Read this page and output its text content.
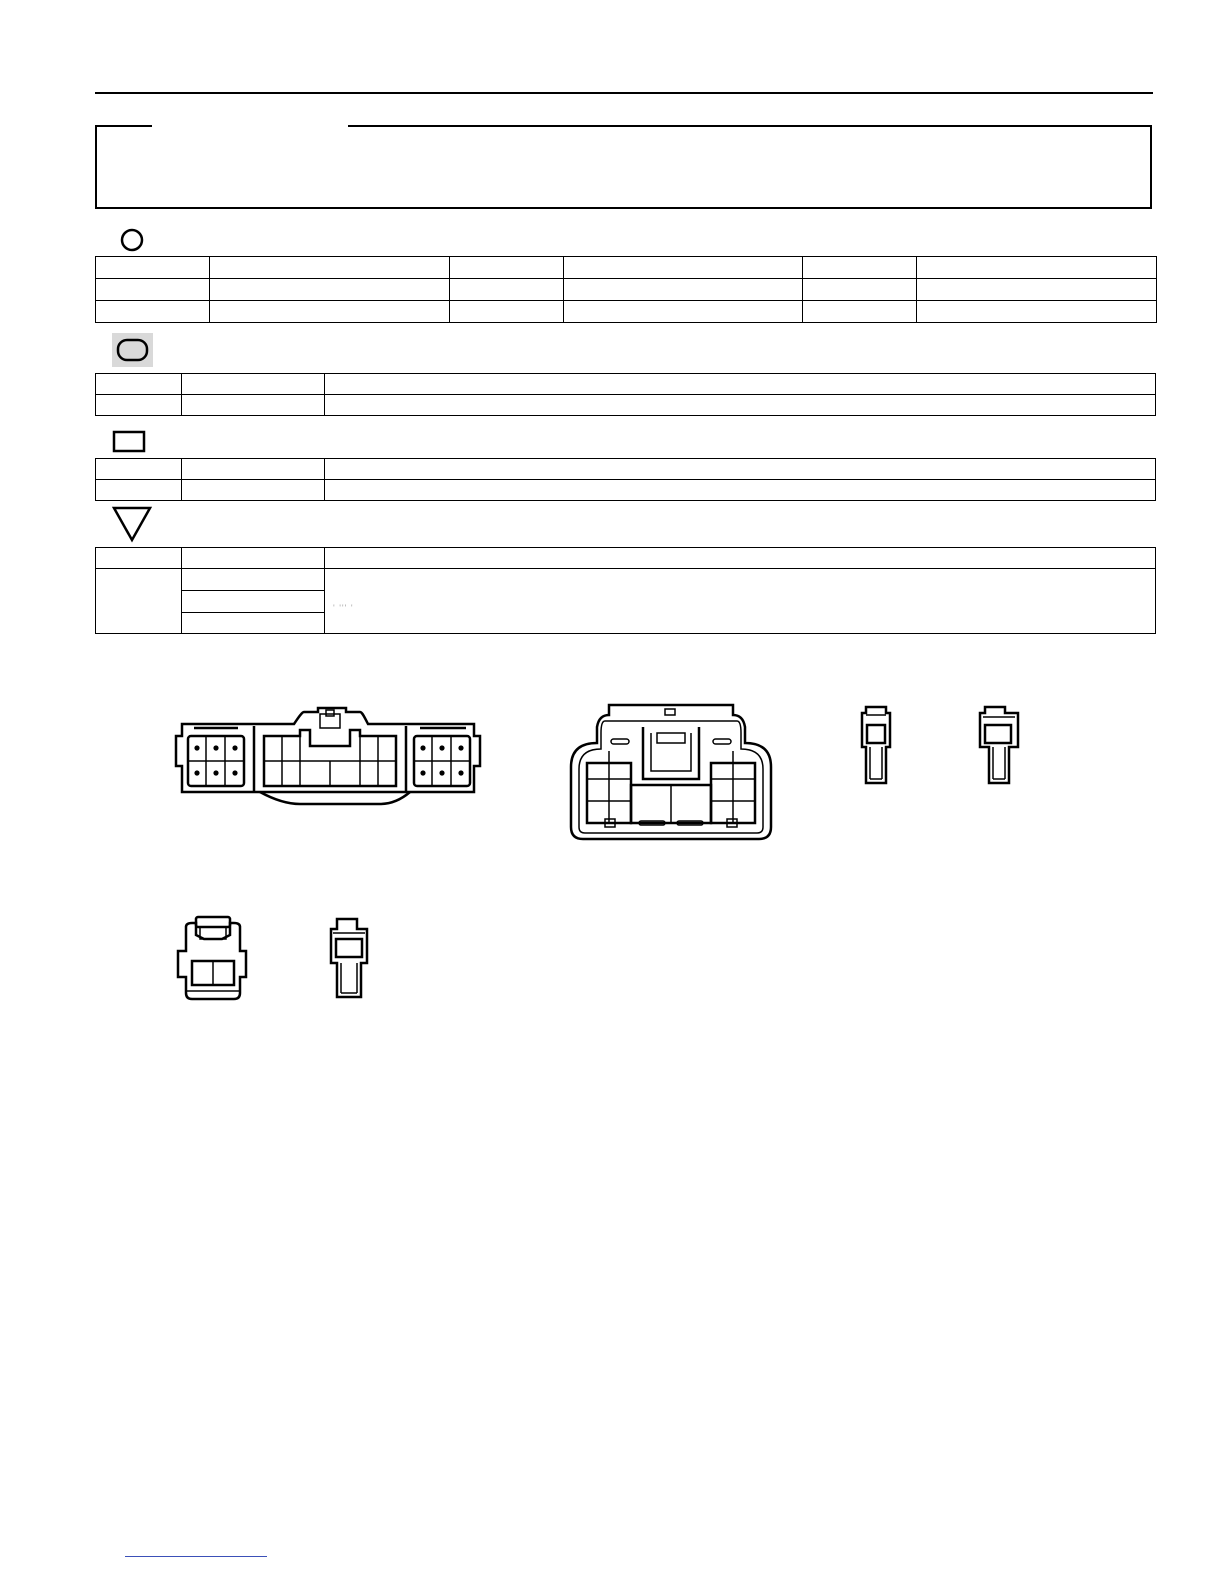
' ''' '
